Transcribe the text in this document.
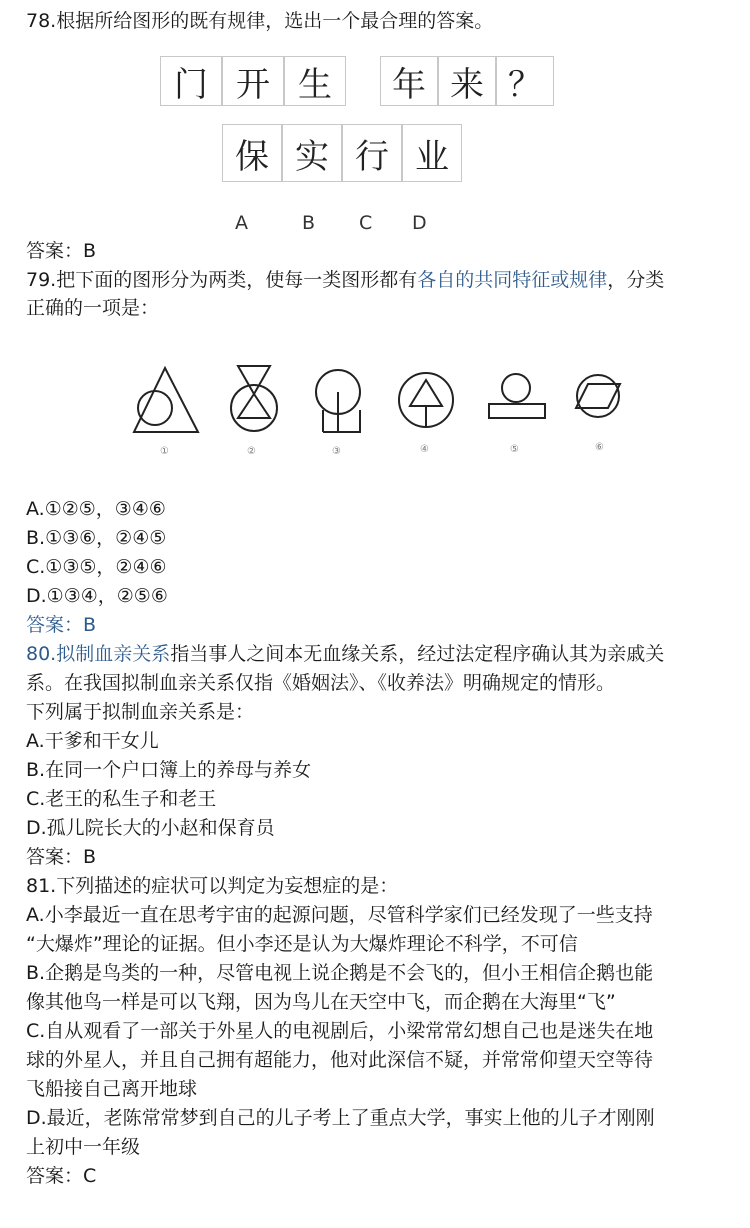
78.根据所给图形的既有规律，选出一个最合理的答案。
门 开 生	年 来 ？
保 实 行 业
A	B C D
答案：B
79.把下面的图形分为两类，使每一类图形都有各自的共同特征或规律，分类
正确的一项是：
①	②	③	④	⑤	⑥
A.①②⑤，③④⑥
B.①③⑥，②④⑤
C.①③⑤，②④⑥
D.①③④，②⑤⑥
答案：B
80.拟制血亲关系指当事人之间本无血缘关系，经过法定程序确认其为亲戚关
系。在我国拟制血亲关系仅指《婚姻法》、《收养法》明确规定的情形。
下列属于拟制血亲关系是：
A.干爹和干女儿
B.在同一个户口簿上的养母与养女
C.老王的私生子和老王
D.孤儿院长大的小赵和保育员
答案：B
81.下列描述的症状可以判定为妄想症的是：
A.小李最近一直在思考宇宙的起源问题，尽管科学家们已经发现了一些支持
“大爆炸”理论的证据。但小李还是认为大爆炸理论不科学，不可信
B.企鹅是鸟类的一种，尽管电视上说企鹅是不会飞的，但小王相信企鹅也能
像其他鸟一样是可以飞翔，因为鸟儿在天空中飞，而企鹅在大海里“飞”
C.自从观看了一部关于外星人的电视剧后，小梁常常幻想自己也是迷失在地
球的外星人，并且自己拥有超能力，他对此深信不疑，并常常仰望天空等待
飞船接自己离开地球
D.最近，老陈常常梦到自己的儿子考上了重点大学，事实上他的儿子才刚刚
上初中一年级
答案：C
